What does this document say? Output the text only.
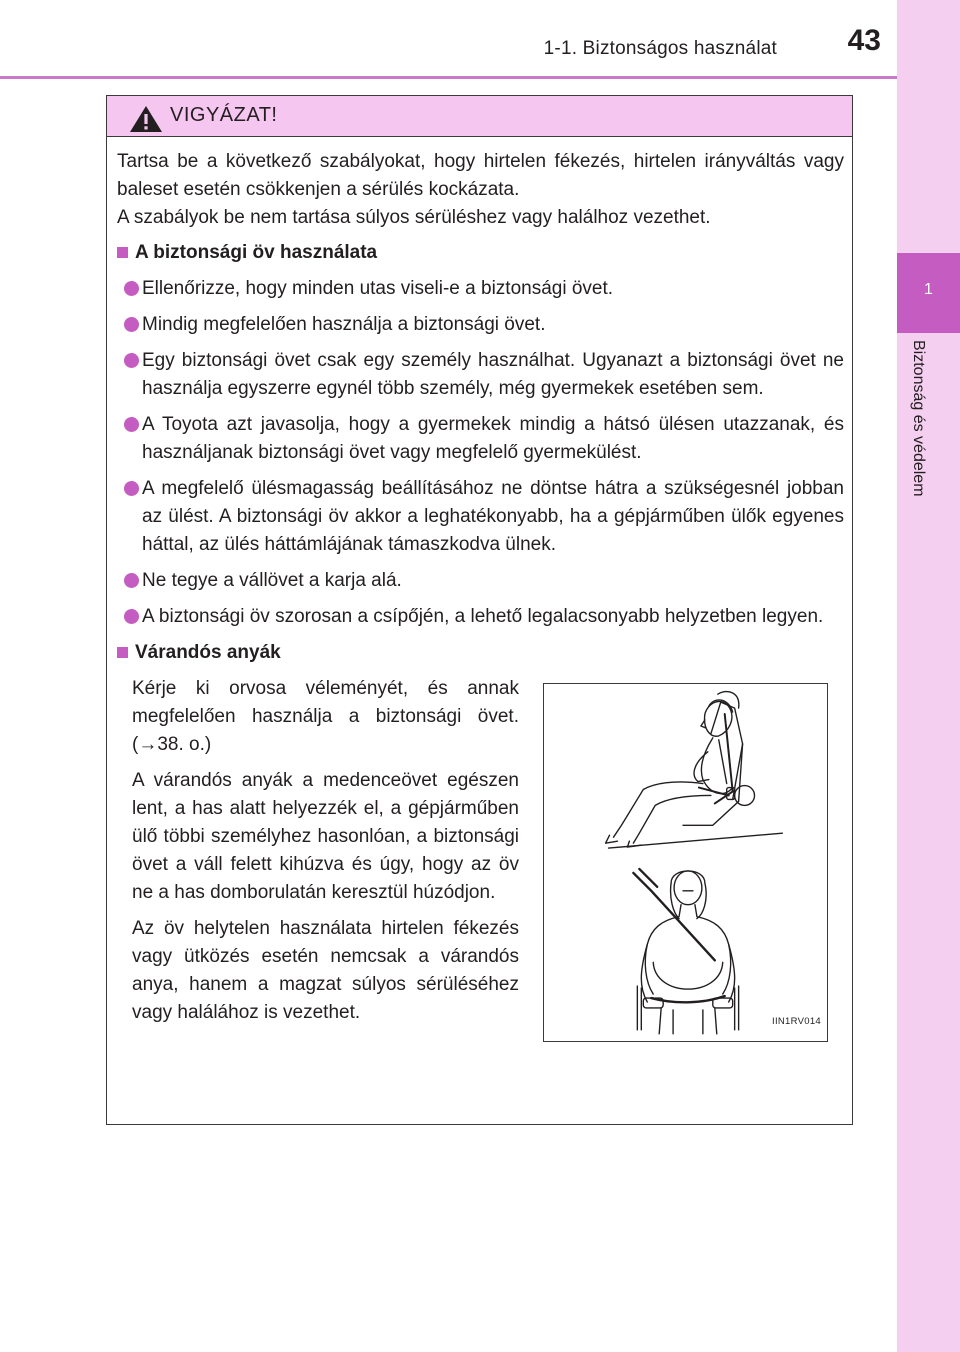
1-1. Biztonságos használat 43
1
Biztonság és védelem
VIGYÁZAT!

Tartsa be a következő szabályokat, hogy hirtelen fékezés, hirtelen irányváltás vagy baleset esetén csökkenjen a sérülés kockázata.
A szabályok be nem tartása súlyos sérüléshez vagy halálhoz vezethet.

A biztonsági öv használata
Ellenőrizze, hogy minden utas viseli-e a biztonsági övet.
Mindig megfelelően használja a biztonsági övet.
Egy biztonsági övet csak egy személy használhat. Ugyanazt a biztonsági övet ne használja egyszerre egynél több személy, még gyermekek esetében sem.
A Toyota azt javasolja, hogy a gyermekek mindig a hátsó ülésen utazzanak, és használjanak biztonsági övet vagy megfelelő gyermekülést.
A megfelelő ülésmagasság beállításához ne döntse hátra a szükségesnél jobban az ülést. A biztonsági öv akkor a leghatékonyabb, ha a gépjárműben ülők egyenes háttal, az ülés háttámlájának támaszkodva ülnek.
Ne tegye a vállövet a karja alá.
A biztonsági öv szorosan a csípőjén, a lehető legalacsonyabb helyzetben legyen.
Várandós anyák

Kérje ki orvosa véleményét, és annak megfelelően használja a biztonsági övet. (→38. o.)

A várandós anyák a medenceövet egészen lent, a has alatt helyezzék el, a gépjárműben ülő többi személyhez hasonlóan, a biztonsági övet a váll felett kihúzva és úgy, hogy az öv ne a has domborulatán keresztül húzódjon.

Az öv helytelen használata hirtelen fékezés vagy ütközés esetén nemcsak a várandós anya, hanem a magzat súlyos sérüléséhez vagy halálához is vezethet.	IIN1RV014
